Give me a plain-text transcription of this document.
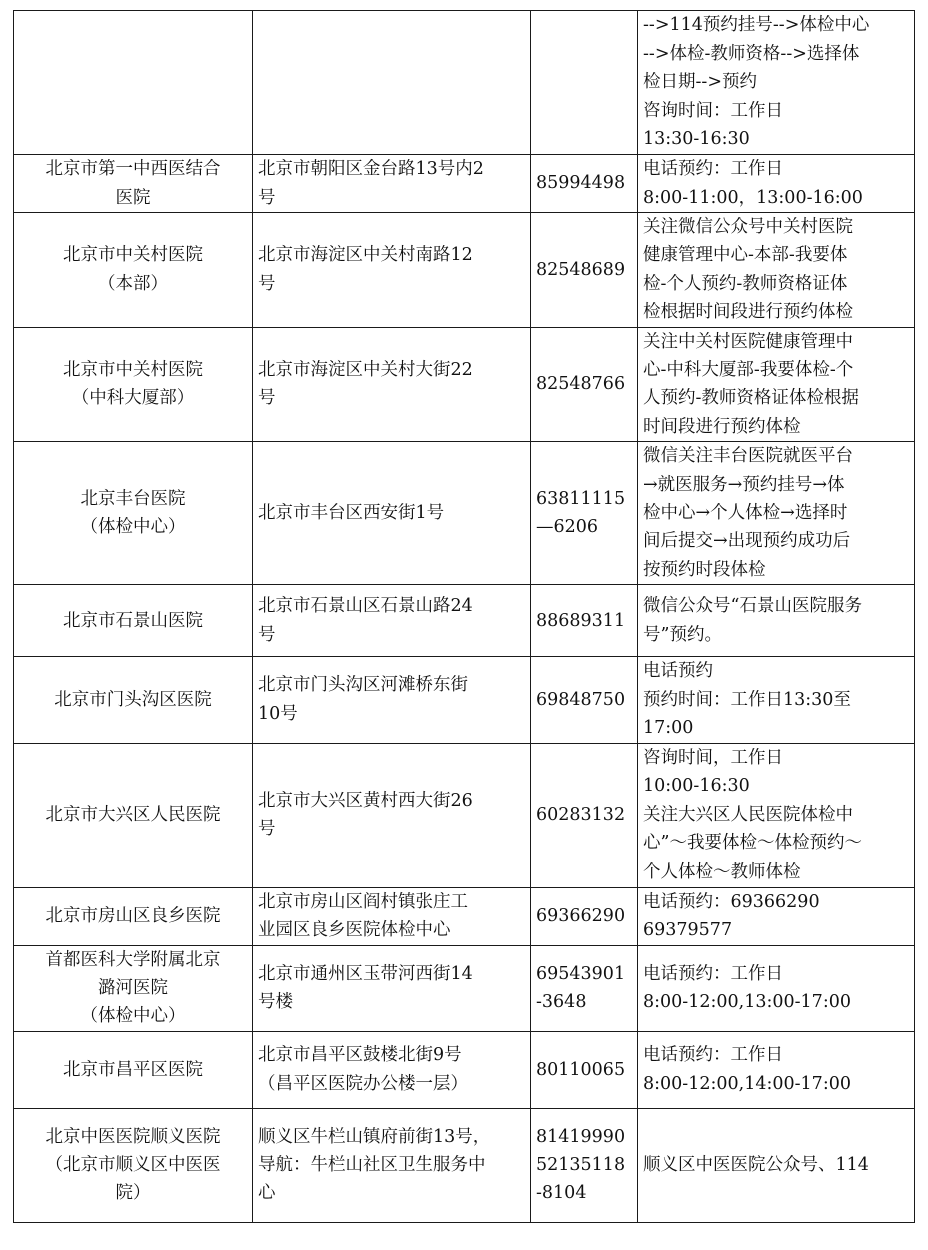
			-->114预约挂号-->体检中心
-->体检-教师资格-->选择体
检日期-->预约
咨询时间：工作日
13:30-16:30

北京市第一中西医结合
医院	北京市朝阳区金台路13号内2
号	85994498	电话预约：工作日
8:00-11:00，13:00-16:00

北京市中关村医院
（本部）	北京市海淀区中关村南路12
号	82548689	关注微信公众号中关村医院
健康管理中心-本部-我要体
检-个人预约-教师资格证体
检根据时间段进行预约体检

北京市中关村医院
（中科大厦部）	北京市海淀区中关村大街22
号	82548766	关注中关村医院健康管理中
心-中科大厦部-我要体检-个
人预约-教师资格证体检根据
时间段进行预约体检

北京丰台医院
（体检中心）	北京市丰台区西安街1号	63811115
—6206	微信关注丰台医院就医平台
→就医服务→预约挂号→体
检中心→个人体检→选择时
间后提交→出现预约成功后
按预约时段体检

北京市石景山医院	北京市石景山区石景山路24
号	88689311	微信公众号“石景山医院服务
号”预约。

北京市门头沟区医院	北京市门头沟区河滩桥东街
10号	69848750	电话预约
预约时间：工作日13:30至
17:00

北京市大兴区人民医院	北京市大兴区黄村西大街26
号	60283132	咨询时间，工作日
10:00-16:30
关注大兴区人民医院体检中
心”～我要体检～体检预约～
个人体检～教师体检

北京市房山区良乡医院	北京市房山区阎村镇张庄工
业园区良乡医院体检中心	69366290	电话预约：69366290
69379577

首都医科大学附属北京
潞河医院
（体检中心）	北京市通州区玉带河西街14
号楼	69543901
-3648	电话预约：工作日
8:00-12:00,13:00-17:00

北京市昌平区医院	北京市昌平区鼓楼北街9号
（昌平区医院办公楼一层）	80110065	电话预约：工作日
8:00-12:00,14:00-17:00

北京中医医院顺义医院
（北京市顺义区中医医
院）	顺义区牛栏山镇府前街13号，
导航：牛栏山社区卫生服务中
心	81419990
52135118
-8104	顺义区中医医院公众号、114
